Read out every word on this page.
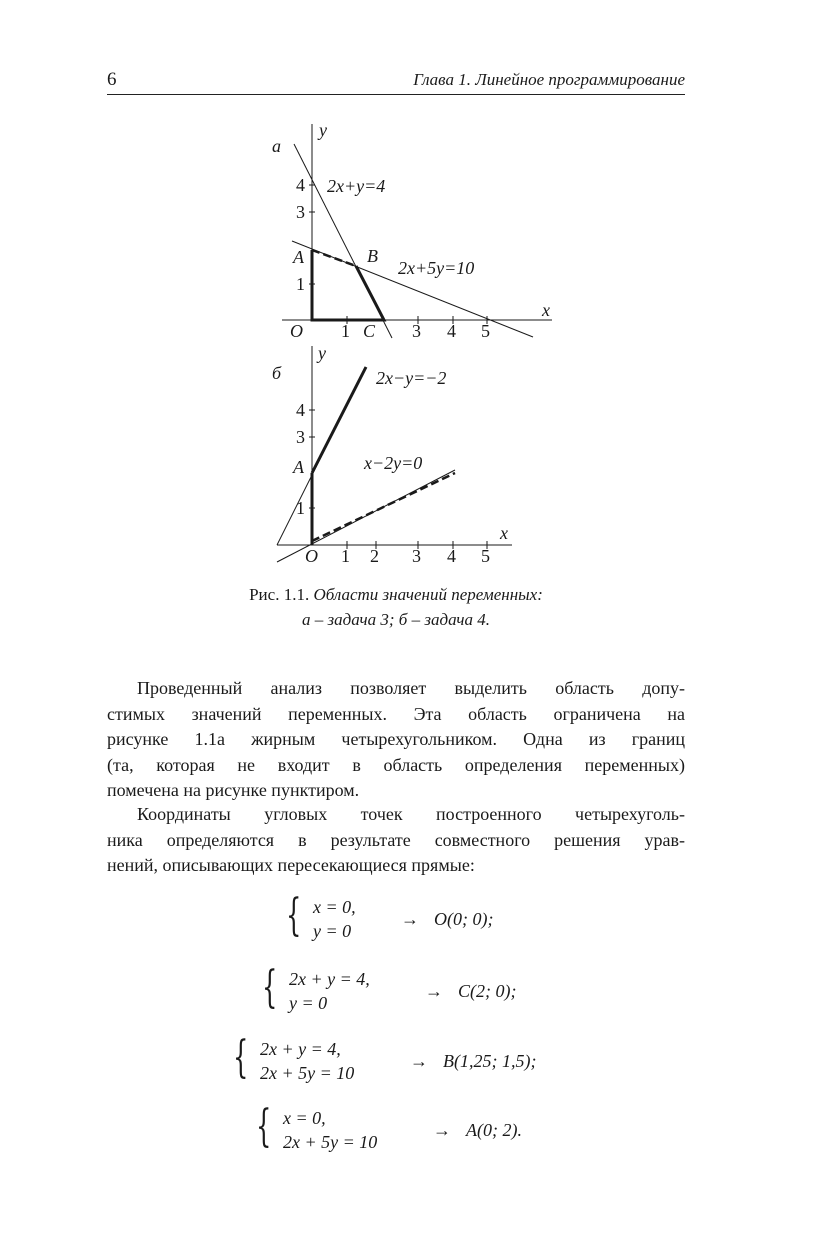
6	Глава 1. Линейное программирование
а
y
x
O
4
3
1
1	3 4 5
A	B
C
2x+y=4
2x+5y=10
б
y
x
O
4
3
1
1 2 3 4 5
A
2x−y=−2
x−2y=0
Рис. 1.1. Области значений переменных:
а – задача 3; б – задача 4.

Проведенный анализ позволяет выделить область допу-
стимых значений переменных. Эта область ограничена на
рисунке 1.1а жирным четырехугольником. Одна из границ
(та, которая не входит в область определения переменных)
помечена на рисунке пунктиром.

Координаты угловых точек построенного четырехуголь-
ника определяются в результате совместного решения урав-
нений, описывающих пересекающиеся прямые:

{ x = 0,
y = 0
→ O(0; 0);
{ 2x + y = 4,
y = 0
→ C(2; 0);
{ 2x + y = 4,
2x + 5y = 10
→ B(1,25; 1,5);
{ x = 0,
2x + 5y = 10
→ A(0; 2).
